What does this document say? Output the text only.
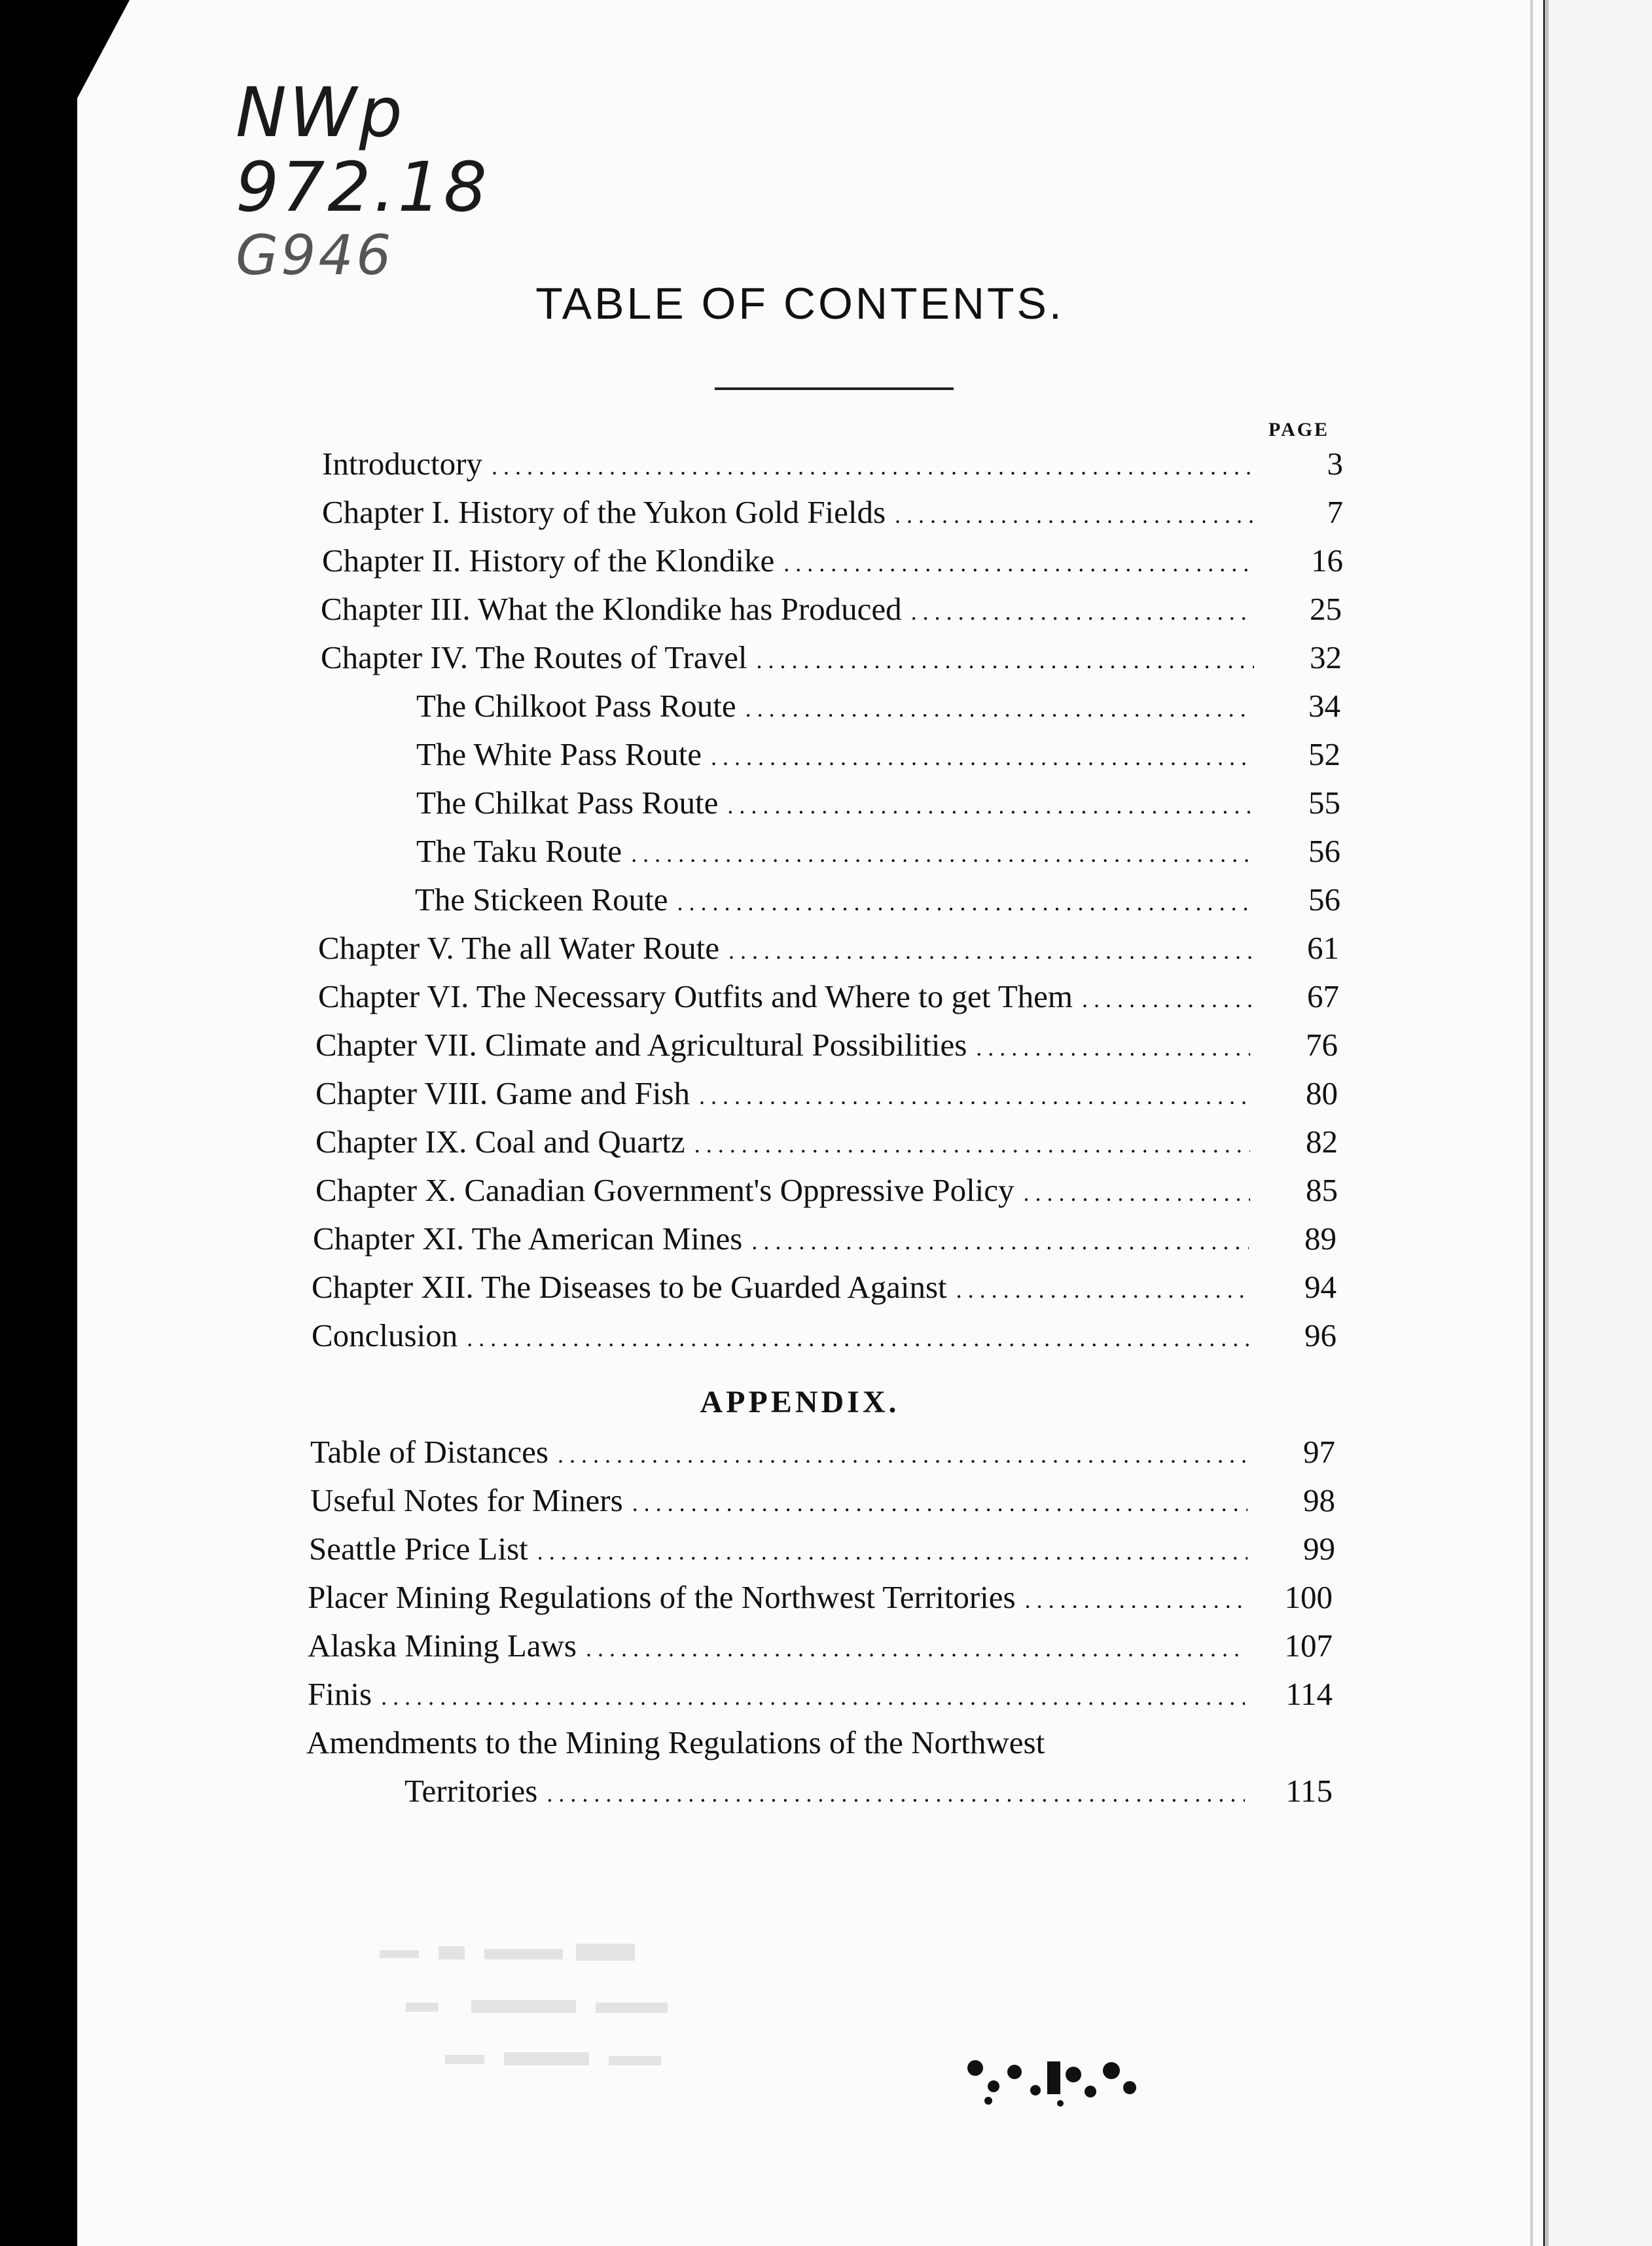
NWp
972.18
G946
TABLE OF CONTENTS.
PAGE
Introductory . . .	3
Chapter I. History of the Yukon Gold Fields . . .	7
Chapter II. History of the Klondike . . .	16
Chapter III. What the Klondike has Produced . . .	25
Chapter IV. The Routes of Travel . . .	32
The Chilkoot Pass Route . . .	34
The White Pass Route . . .	52
The Chilkat Pass Route . . .	55
The Taku Route . . .	56
The Stickeen Route . . .	56
Chapter V. The all Water Route . . .	61
Chapter VI. The Necessary Outfits and Where to get Them . . .	67
Chapter VII. Climate and Agricultural Possibilities . . .	76
Chapter VIII. Game and Fish . . .	80
Chapter IX. Coal and Quartz . . .	82
Chapter X. Canadian Government's Oppressive Policy . . .	85
Chapter XI. The American Mines . . .	89
Chapter XII. The Diseases to be Guarded Against . . .	94
Conclusion . . .	96
APPENDIX.
Table of Distances . . .	97
Useful Notes for Miners . . .	98
Seattle Price List . . .	99
Placer Mining Regulations of the Northwest Territories . . .	100
Alaska Mining Laws . . .	107
Finis . . .	114
Amendments to the Mining Regulations of the Northwest
Territories . . .	115
